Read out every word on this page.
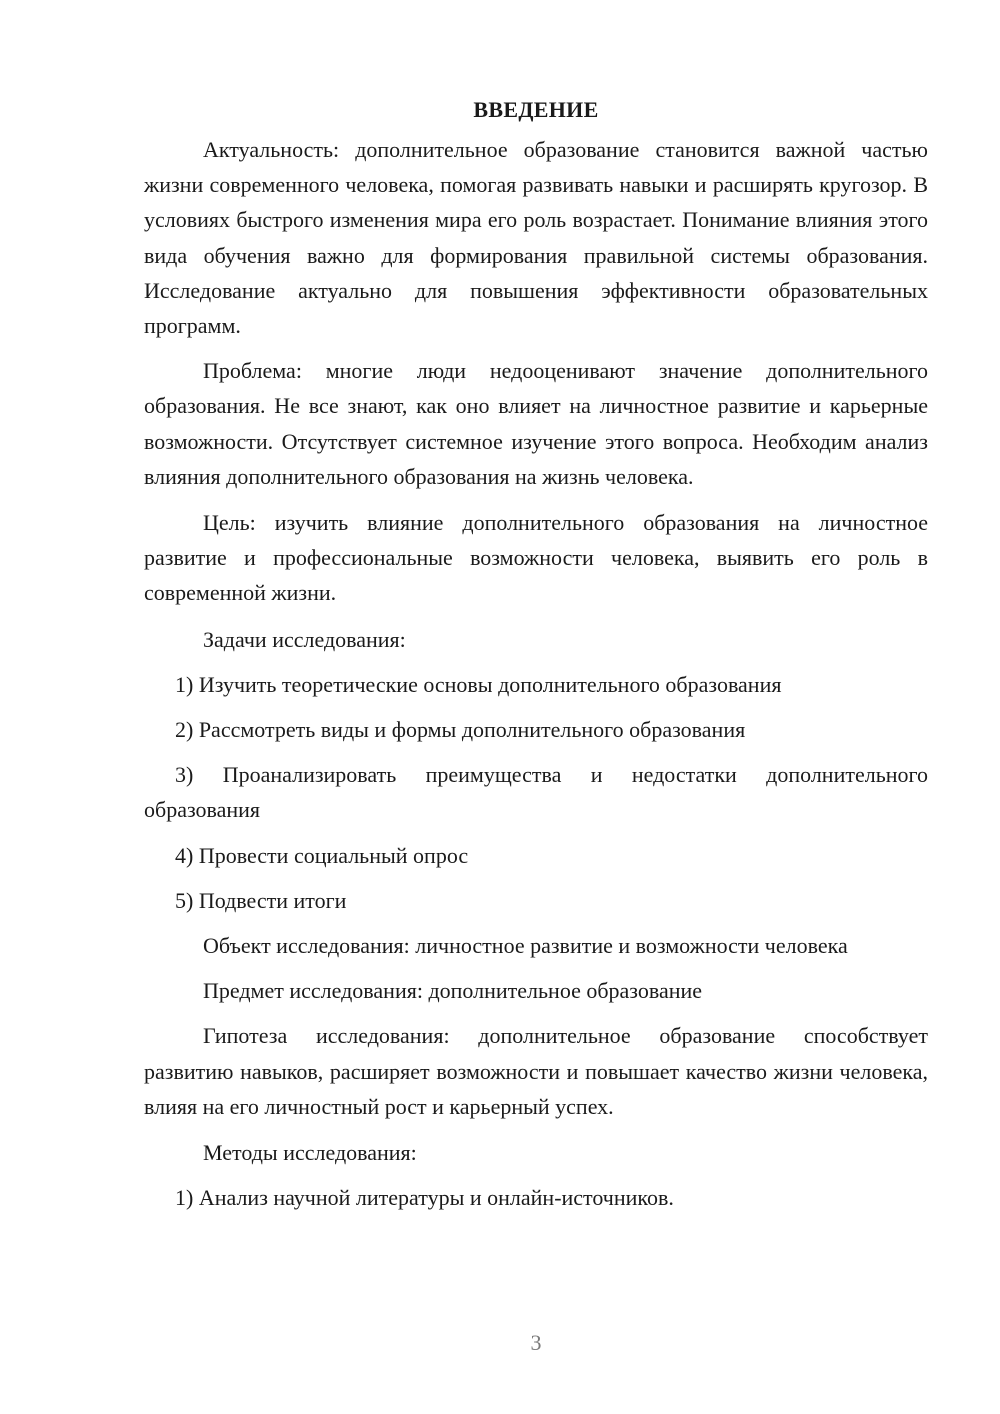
ВВЕДЕНИЕ

Актуальность: дополнительное образование становится важной частью жизни современного человека, помогая развивать навыки и расширять кругозор. В условиях быстрого изменения мира его роль возрастает. Понимание влияния этого вида обучения важно для формирования правильной системы образования. Исследование актуально для повышения эффективности образовательных программ.

Проблема: многие люди недооценивают значение дополнительного образования. Не все знают, как оно влияет на личностное развитие и карьерные возможности. Отсутствует системное изучение этого вопроса. Необходим анализ влияния дополнительного образования на жизнь человека.

Цель: изучить влияние дополнительного образования на личностное развитие и профессиональные возможности человека, выявить его роль в современной жизни.

Задачи исследования:

1) Изучить теоретические основы дополнительного образования

2) Рассмотреть виды и формы дополнительного образования

3) Проанализировать преимущества и недостатки дополнительного образования

4) Провести социальный опрос

5) Подвести итоги

Объект исследования: личностное развитие и возможности человека

Предмет исследования: дополнительное образование

Гипотеза исследования: дополнительное образование способствует развитию навыков, расширяет возможности и повышает качество жизни человека, влияя на его личностный рост и карьерный успех.

Методы исследования:

1) Анализ научной литературы и онлайн-источников.

3
